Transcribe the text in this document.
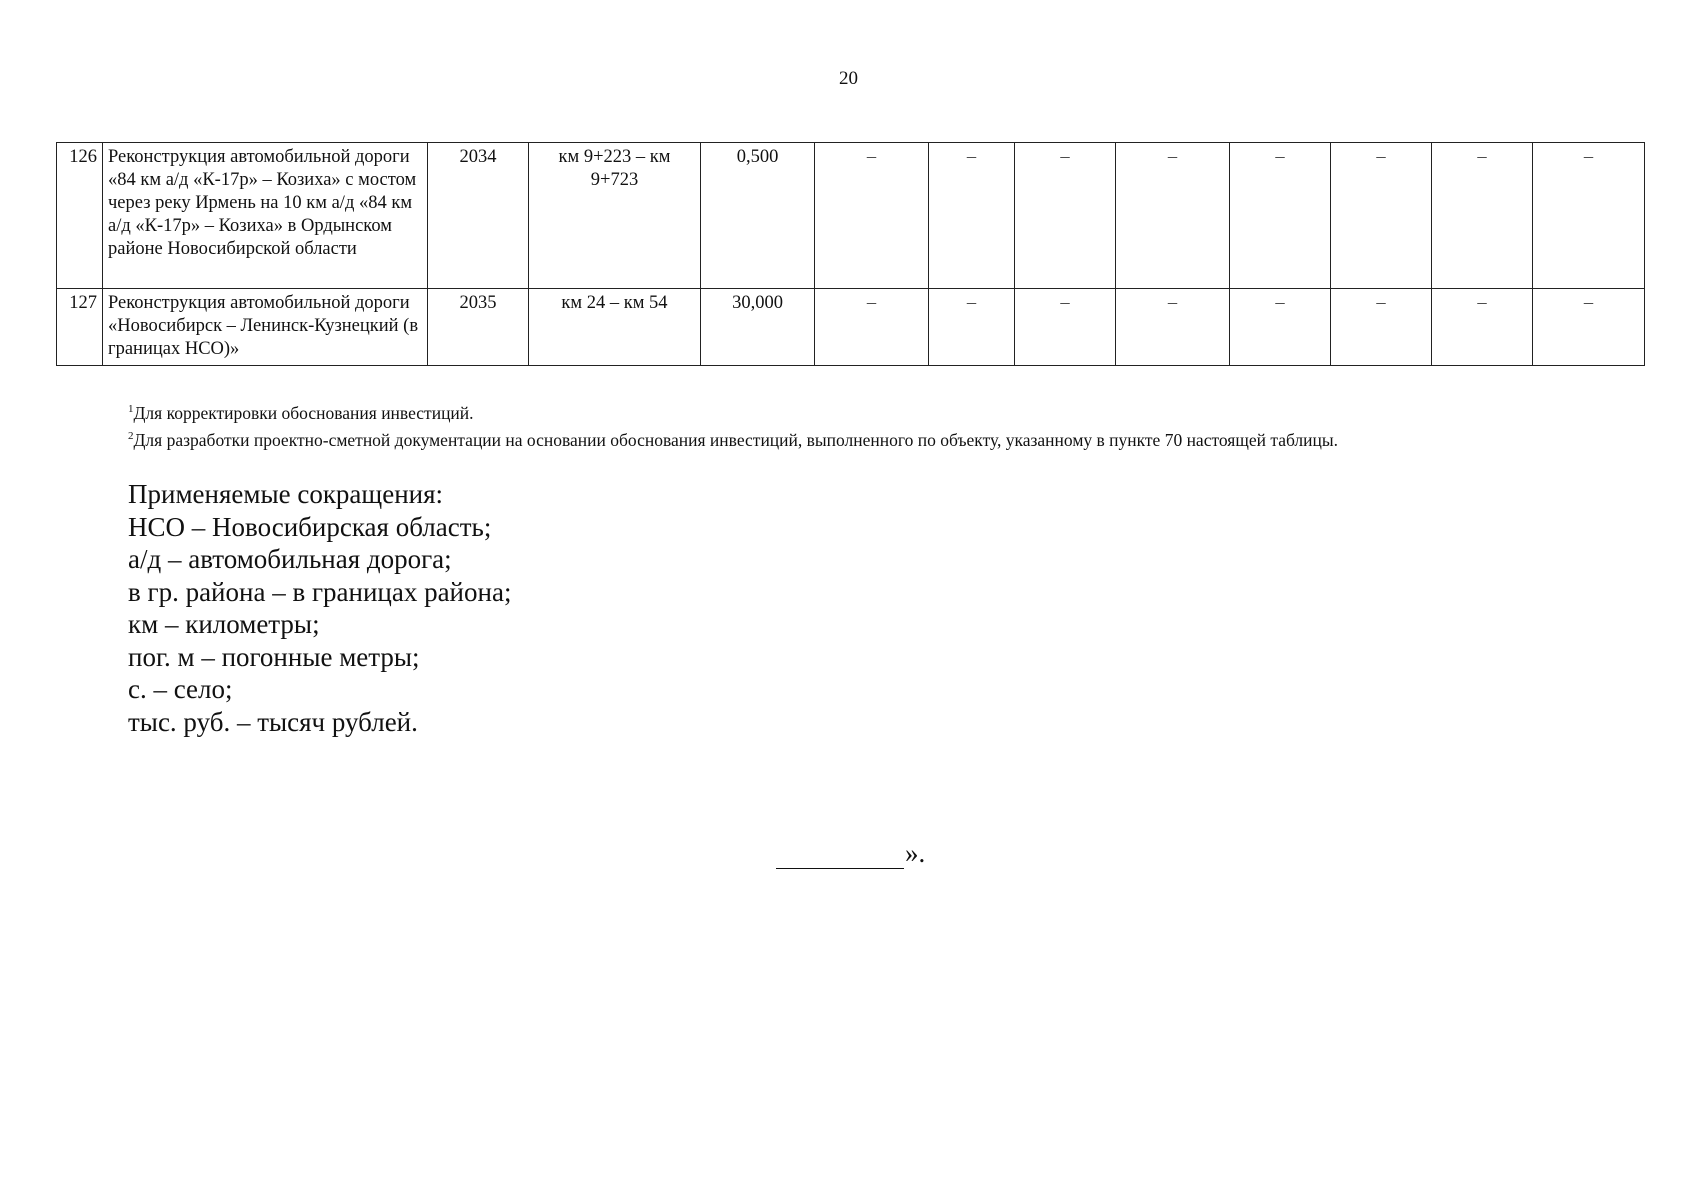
20
126	Реконструкция автомобильной дороги «84 км а/д «К-17р» – Козиха» с мостом через реку Ирмень на 10 км а/д «84 км а/д «К-17р» – Козиха» в Ордынском районе Новосибирской области	2034	км 9+223 – км 9+723	0,500	–	–	–	–	–	–	–	–
127	Реконструкция автомобильной дороги «Новосибирск – Ленинск-Кузнецкий (в границах НСО)»	2035	км 24 – км 54	30,000	–	–	–	–	–	–	–	–
$^1$Для корректировки обоснования инвестиций.
$^2$Для разработки проектно-сметной документации на основании обоснования инвестиций, выполненного по объекту, указанному в пункте 70 настоящей таблицы.
Применяемые сокращения:
НСО – Новосибирская область;
а/д – автомобильная дорога;
в гр. района – в границах района;
км – километры;
пог. м – погонные метры;
с. – село;
тыс. руб. – тысяч рублей.
».
